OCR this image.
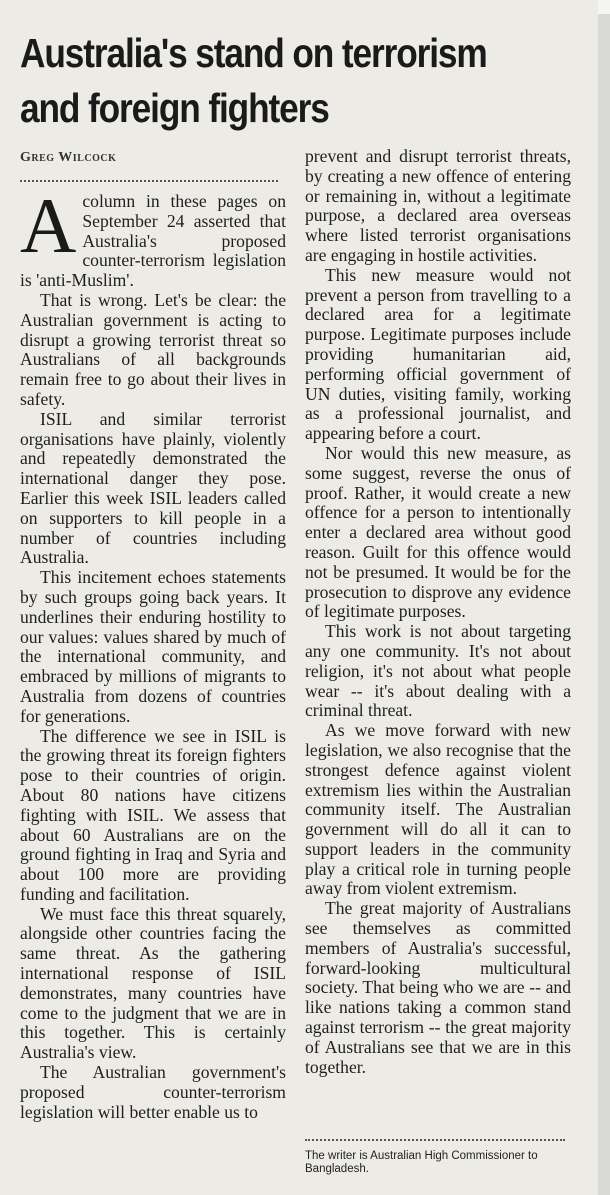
Australia's stand on terrorism
and foreign fighters
Greg Wilcock

Acolumn in these pages on September 24 asserted that Australia's proposed counter-terrorism legislation is 'anti-Muslim'.

That is wrong. Let's be clear: the Australian government is acting to disrupt a growing terrorist threat so Australians of all backgrounds remain free to go about their lives in safety.

ISIL and similar terrorist organisations have plainly, violently and repeatedly demonstrated the international danger they pose. Earlier this week ISIL leaders called on supporters to kill people in a number of countries including Australia.

This incitement echoes statements by such groups going back years. It underlines their enduring hostility to our values: values shared by much of the international community, and embraced by millions of migrants to Australia from dozens of countries for generations.

The difference we see in ISIL is the growing threat its foreign fighters pose to their countries of origin. About 80 nations have citizens fighting with ISIL. We assess that about 60 Australians are on the ground fighting in Iraq and Syria and about 100 more are providing funding and facilitation.

We must face this threat squarely, alongside other countries facing the same threat. As the gathering international response of ISIL demonstrates, many countries have come to the judgment that we are in this together. This is certainly Australia's view.

The Australian government's proposed counter-terrorism legislation will better enable us to

prevent and disrupt terrorist threats, by creating a new offence of entering or remaining in, without a legitimate purpose, a declared area overseas where listed terrorist organisations are engaging in hostile activities.

This new measure would not prevent a person from travelling to a declared area for a legitimate purpose. Legitimate purposes include providing humanitarian aid, performing official government of UN duties, visiting family, working as a professional journalist, and appearing before a court.

Nor would this new measure, as some suggest, reverse the onus of proof. Rather, it would create a new offence for a person to intentionally enter a declared area without good reason. Guilt for this offence would not be presumed. It would be for the prosecution to disprove any evidence of legitimate purposes.

This work is not about targeting any one community. It's not about religion, it's not about what people wear -- it's about dealing with a criminal threat.

As we move forward with new legislation, we also recognise that the strongest defence against violent extremism lies within the Australian community itself. The Australian government will do all it can to support leaders in the community play a critical role in turning people away from violent extremism.

The great majority of Australians see themselves as committed members of Australia's successful, forward-looking multicultural society. That being who we are -- and like nations taking a common stand against terrorism -- the great majority of Australians see that we are in this together.

The writer is Australian High Commissioner to Bangladesh.
